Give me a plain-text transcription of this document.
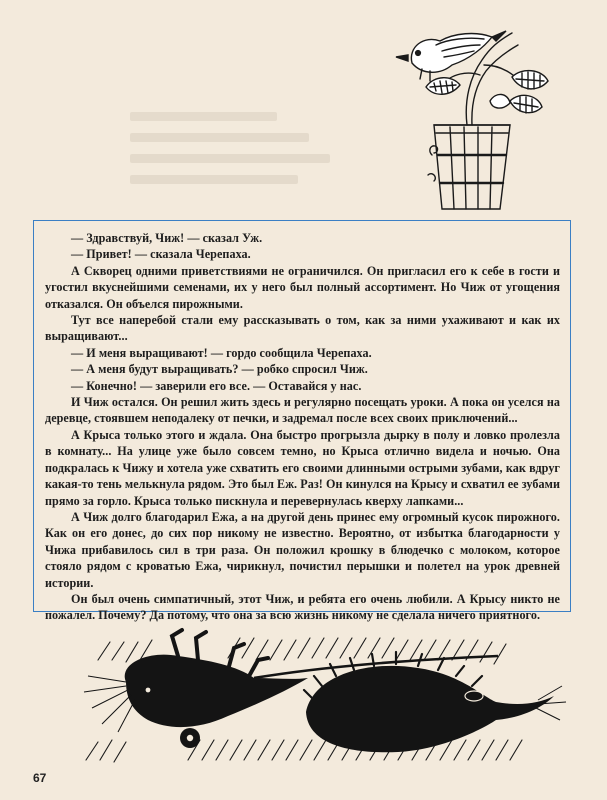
— Здравствуй, Чиж! — сказал Уж.

— Привет! — сказала Черепаха.

А Скворец одними приветствиями не ограничился. Он пригласил его к себе в гости и угостил вкуснейшими семенами, их у него был полный ассортимент. Но Чиж от угощения отказался. Он объелся пирожными.

Тут все наперебой стали ему рассказывать о том, как за ними ухаживают и как их выращивают...

— И меня выращивают! — гордо сообщила Черепаха.

— А меня будут выращивать? — робко спросил Чиж.

— Конечно! — заверили его все. — Оставайся у нас.

И Чиж остался. Он решил жить здесь и регулярно посещать уроки. А пока он уселся на деревце, стоявшем неподалеку от печки, и задремал после всех своих приключений...

А Крыса только этого и ждала. Она быстро прогрызла дырку в полу и ловко пролезла в комнату... На улице уже было совсем темно, но Крыса отлично видела и ночью. Она подкралась к Чижу и хотела уже схватить его своими длинными острыми зубами, как вдруг какая-то тень мелькнула рядом. Это был Еж. Раз! Он кинулся на Крысу и схватил ее зубами прямо за горло. Крыса только пискнула и перевернулась кверху лапками...

А Чиж долго благодарил Ежа, а на другой день принес ему огромный кусок пирожного. Как он его донес, до сих пор никому не известно. Вероятно, от избытка благодарности у Чижа прибавилось сил в три раза. Он положил крошку в блюдечко с молоком, которое стояло рядом с кроватью Ежа, чирикнул, почистил перышки и полетел на урок древней истории.

Он был очень симпатичный, этот Чиж, и ребята его очень любили. А Крысу никто не пожалел. Почему? Да потому, что она за всю жизнь никому не сделала ничего приятного.

67
